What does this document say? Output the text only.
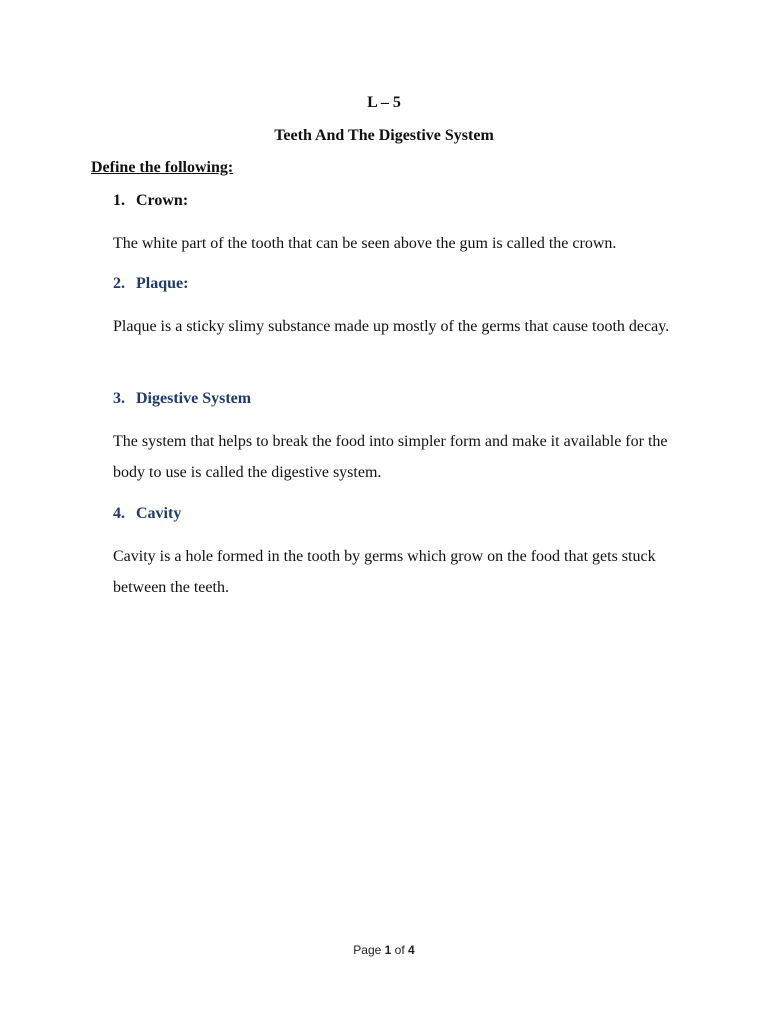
L – 5
Teeth And The Digestive System
Define the following:
1. Crown:
The white part of the tooth that can be seen above the gum is called the crown.
2. Plaque:
Plaque is a sticky slimy substance made up mostly of the germs that cause tooth decay.
3. Digestive System
The system that helps to break the food into simpler form and make it available for the body to use is called the digestive system.
4. Cavity
Cavity is a hole formed in the tooth by germs which grow on the food that gets stuck between the teeth.
Page 1 of 4
